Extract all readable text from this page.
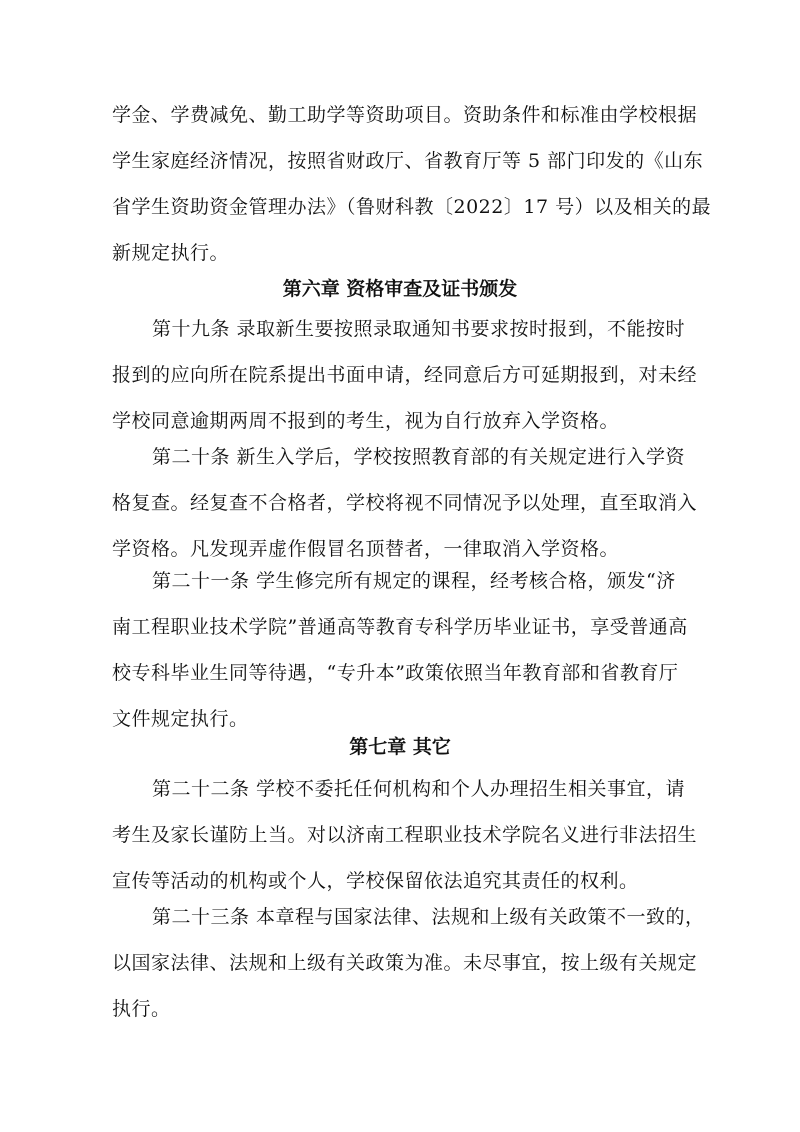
学金、学费减免、勤工助学等资助项目。资助条件和标准由学校根据
学生家庭经济情况，按照省财政厅、省教育厅等 5 部门印发的《山东
省学生资助资金管理办法》（鲁财科教〔2022〕17 号）以及相关的最
新规定执行。
第六章 资格审查及证书颁发
第十九条 录取新生要按照录取通知书要求按时报到，不能按时
报到的应向所在院系提出书面申请，经同意后方可延期报到，对未经
学校同意逾期两周不报到的考生，视为自行放弃入学资格。
第二十条 新生入学后，学校按照教育部的有关规定进行入学资
格复查。经复查不合格者，学校将视不同情况予以处理，直至取消入
学资格。凡发现弄虚作假冒名顶替者，一律取消入学资格。
第二十一条 学生修完所有规定的课程，经考核合格，颁发“济
南工程职业技术学院”普通高等教育专科学历毕业证书，享受普通高
校专科毕业生同等待遇，“专升本”政策依照当年教育部和省教育厅
文件规定执行。
第七章 其它
第二十二条 学校不委托任何机构和个人办理招生相关事宜，请
考生及家长谨防上当。对以济南工程职业技术学院名义进行非法招生
宣传等活动的机构或个人，学校保留依法追究其责任的权利。
第二十三条 本章程与国家法律、法规和上级有关政策不一致的，
以国家法律、法规和上级有关政策为准。未尽事宜，按上级有关规定
执行。
